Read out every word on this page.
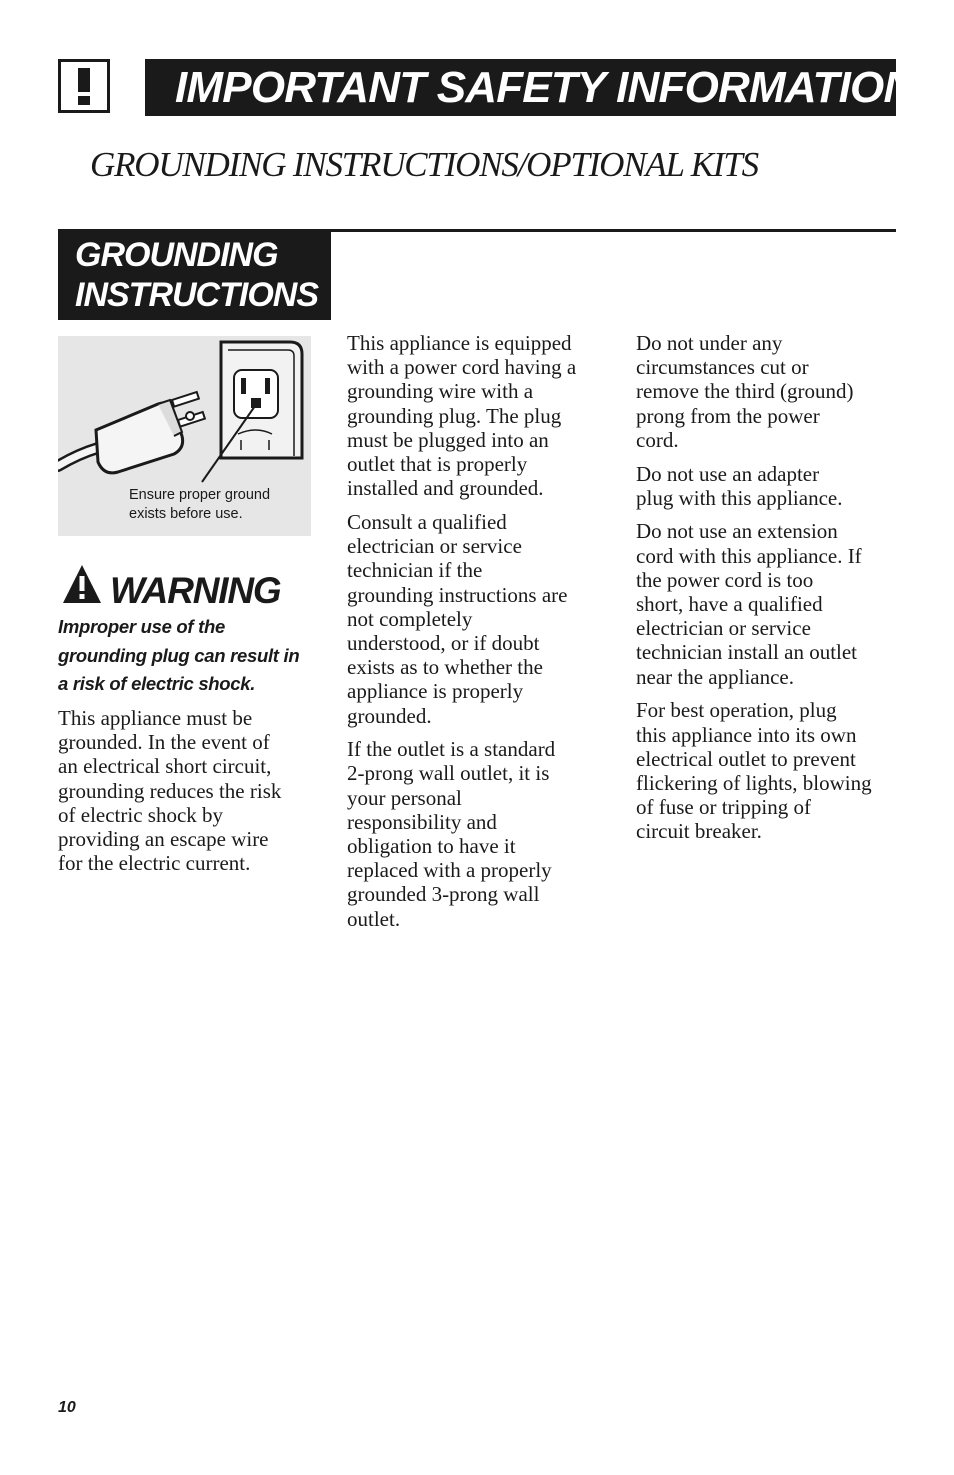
IMPORTANT SAFETY INFORMATION
GROUNDING INSTRUCTIONS/OPTIONAL KITS
GROUNDING
INSTRUCTIONS
Ensure proper ground
exists before use.
WARNING
Improper use of the
grounding plug can result in
a risk of electric shock.

This appliance must be
grounded. In the event of
an electrical short circuit,
grounding reduces the risk
of electric shock by
providing an escape wire
for the electric current.

This appliance is equipped
with a power cord having a
grounding wire with a
grounding plug. The plug
must be plugged into an
outlet that is properly
installed and grounded.

Consult a qualified
electrician or service
technician if the
grounding instructions are
not completely
understood, or if doubt
exists as to whether the
appliance is properly
grounded.

If the outlet is a standard
2-prong wall outlet, it is
your personal
responsibility and
obligation to have it
replaced with a properly
grounded 3-prong wall
outlet.

Do not under any
circumstances cut or
remove the third (ground)
prong from the power
cord.

Do not use an adapter
plug with this appliance.

Do not use an extension
cord with this appliance. If
the power cord is too
short, have a qualified
electrician or service
technician install an outlet
near the appliance.

For best operation, plug
this appliance into its own
electrical outlet to prevent
flickering of lights, blowing
of fuse or tripping of
circuit breaker.

10
